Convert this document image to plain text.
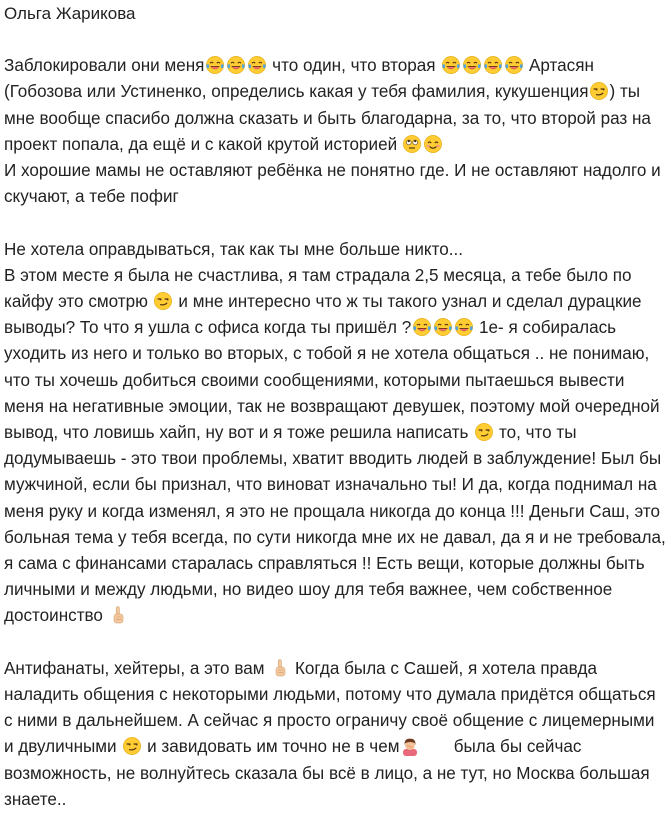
Ольга Жарикова

Заблокировали они меня	что один, что вторая	Артасян (Гобозова или Устиненко, определись какая у тебя фамилия, кукушенция ) ты мне вообще спасибо должна сказать и быть благодарна, за то, что второй раз на проект попала, да ещё и с какой крутой историей

И хорошие мамы не оставляют ребёнка не понятно где. И не оставляют надолго и скучают, а тебе пофиг

Не хотела оправдываться, так как ты мне больше никто...

В этом месте я была не счастлива, я там страдала 2,5 месяца, а тебе было по кайфу это смотрю
и мне интересно что ж ты такого узнал и сделал дурацкие выводы? То что я ушла с офиса когда ты пришёл ?	1е- я собиралась уходить из него и только во вторых, с тобой я не хотела общаться .. не понимаю, что ты хочешь добиться своими сообщениями, которыми пытаешься вывести меня на негативные эмоции, так не возвращают девушек, поэтому мой очередной вывод, что ловишь хайп, ну вот и я тоже решила написать
то, что ты додумываешь - это твои проблемы, хватит вводить людей в заблуждение! Был бы мужчиной, если бы признал, что виноват изначально ты! И да, когда поднимал на меня руку и когда изменял, я это не прощала никогда до конца !!! Деньги Саш, это больная тема у тебя всегда, по сути никогда мне их не давал, да я и не требовала, я сама с финансами старалась справляться !! Есть вещи, которые должны быть личными и между людьми, но видео шоу для тебя важнее, чем собственное достоинство

Антифанаты, хейтеры, а это вам
Когда была с Сашей, я хотела правда наладить общения с некоторыми людьми, потому что думала придётся общаться с ними в дальнейшем. А сейчас я просто ограничу своё общение с лицемерными и двуличными
и завидовать им точно не в чем
была бы сейчас возможность, не волнуйтесь сказала бы всё в лицо, а не тут, но Москва большая знаете..
